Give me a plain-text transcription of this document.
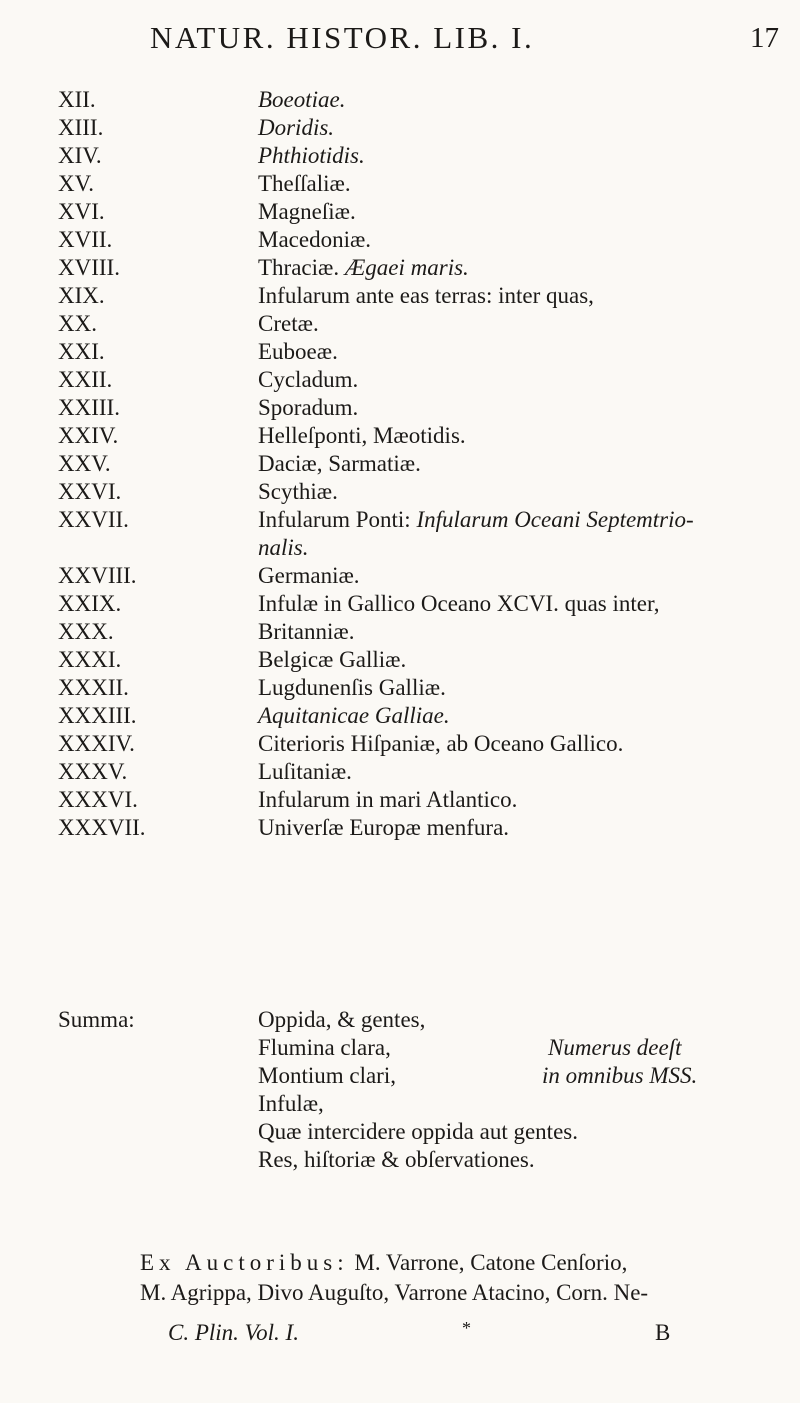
NATUR. HISTOR. LIB. I.	17
XII.	Boeotiae.
XIII.	Doridis.
XIV.	Phthiotidis.
XV.	Theſſaliæ.
XVI.	Magneſiæ.
XVII.	Macedoniæ.
XVIII.	Thraciæ. Ægaei maris.
XIX.	Infularum ante eas terras: inter quas,
XX.	Cretæ.
XXI.	Euboeæ.
XXII.	Cycladum.
XXIII.	Sporadum.
XXIV.	Helleſponti, Mæotidis.
XXV.	Daciæ, Sarmatiæ.
XXVI.	Scythiæ.
XXVII.	Infularum Ponti: Infularum Oceani Septemtrio-
nalis.
XXVIII.	Germaniæ.
XXIX.	Infulæ in Gallico Oceano XCVI. quas inter,
XXX.	Britanniæ.
XXXI.	Belgicæ Galliæ.
XXXII.	Lugdunenſis Galliæ.
XXXIII.	Aquitanicae Galliae.
XXXIV.	Citerioris Hiſpaniæ, ab Oceano Gallico.
XXXV.	Luſitaniæ.
XXXVI.	Infularum in mari Atlantico.
XXXVII.	Univerſæ Europæ menfura.
Summa:	Oppida, & gentes,
Flumina clara,
Montium clari,
Infulæ,
Quæ intercidere oppida aut gentes.
Res, hiſtoriæ & obſervationes.
Numerus deeſt
in omnibus MSS.
Ex Auctoribus: M. Varrone, Catone Cenſorio,
M. Agrippa, Divo Auguſto, Varrone Atacino, Corn. Ne-
C. Plin. Vol. I.	*	B
